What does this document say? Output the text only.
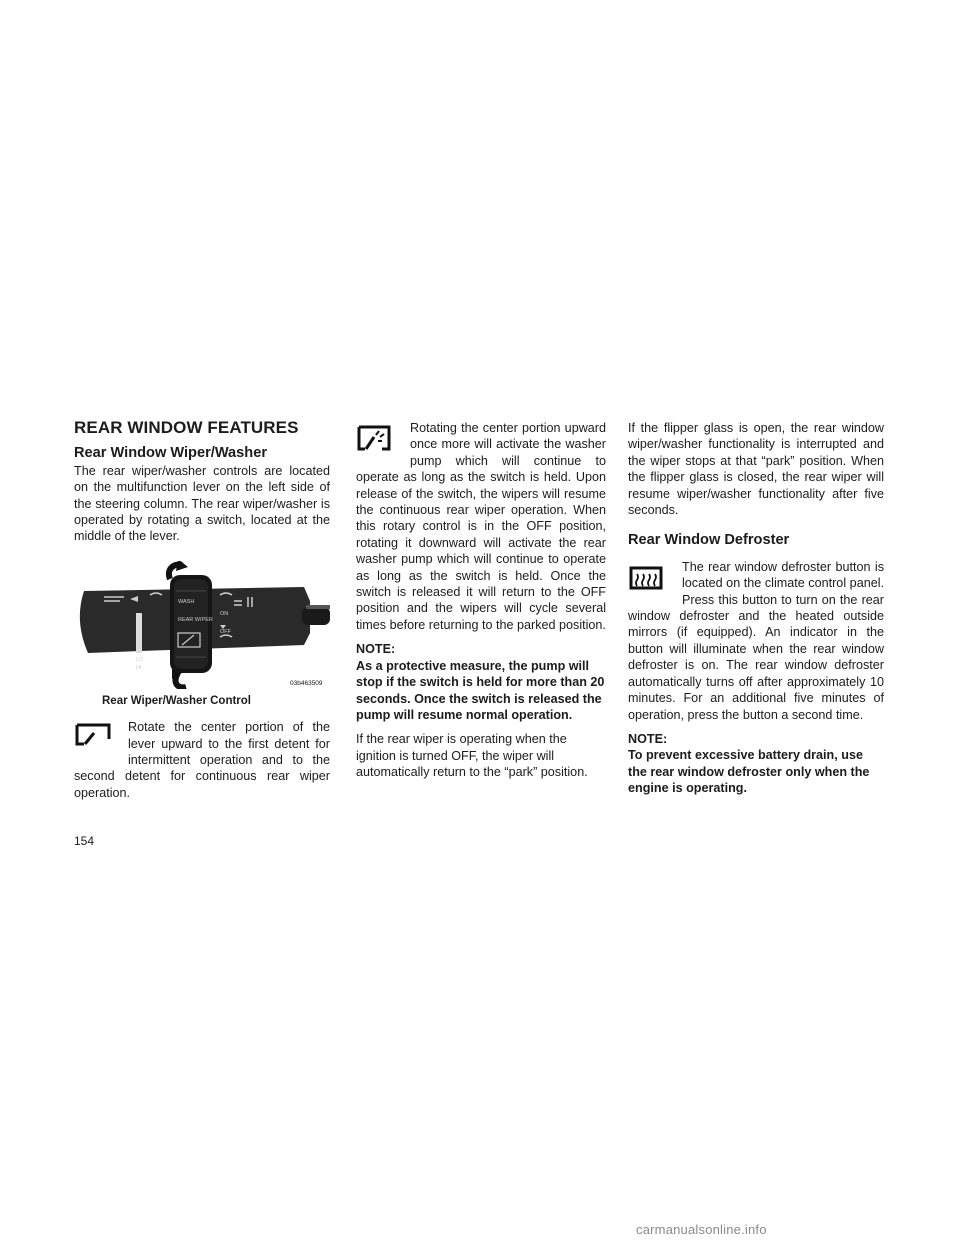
REAR WINDOW FEATURES
Rear Window Wiper/Washer

The rear wiper/washer controls are located on the multifunction lever on the left side of the steering column. The rear wiper/washer is operated by rotating a switch, located at the middle of the lever.

03b463509
WASH
REAR WIPER
ON
OFF
LO
HI
Rear Wiper/Washer Control

Rotate the center portion of the lever upward to the first detent for intermittent operation and to the second detent for continuous rear wiper operation.

Rotating the center portion upward once more will activate the washer pump which will continue to operate as long as the switch is held. Upon release of the switch, the wipers will resume the continuous rear wiper operation. When this rotary control is in the OFF position, rotating it downward will activate the rear washer pump which will continue to operate as long as the switch is held. Once the switch is released it will return to the OFF position and the wipers will cycle several times before returning to the parked position.

NOTE:

As a protective measure, the pump will stop if the switch is held for more than 20 seconds. Once the switch is released the pump will resume normal operation.

If the rear wiper is operating when the ignition is turned OFF, the wiper will automatically return to the “park” position.

If the flipper glass is open, the rear window wiper/washer functionality is interrupted and the wiper stops at that “park” position. When the flipper glass is closed, the rear wiper will resume wiper/washer functionality after five seconds.

Rear Window Defroster

The rear window defroster button is located on the climate control panel. Press this button to turn on the rear window defroster and the heated outside mirrors (if equipped). An indicator in the button will illuminate when the rear window defroster is on. The rear window defroster automatically turns off after approximately 10 minutes. For an additional five minutes of operation, press the button a second time.

NOTE:

To prevent excessive battery drain, use the rear window defroster only when the engine is operating.

154
carmanualsonline.info
